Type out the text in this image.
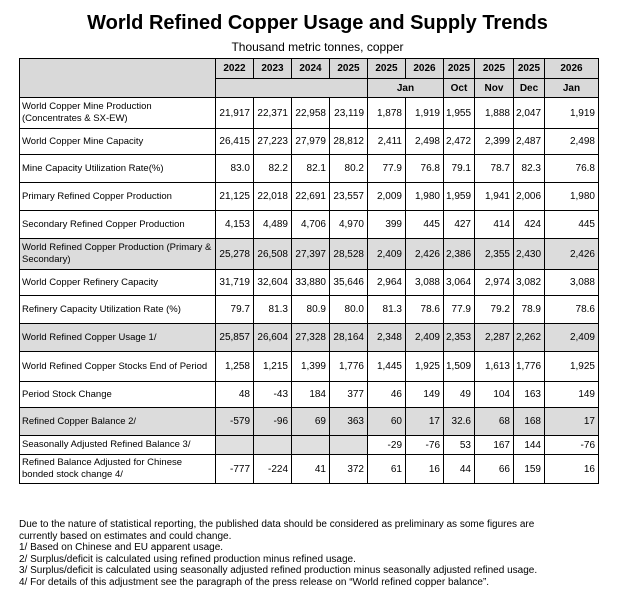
World Refined Copper Usage and Supply Trends
Thousand metric tonnes, copper
	2022	2023	2024	2025	2025	2026	2025	2025	2025	2026
					Jan		Oct	Nov	Dec	Jan
World Copper Mine Production (Concentrates & SX-EW)	21,917	22,371	22,958	23,119	1,878	1,919	1,955	1,888	2,047	1,919
World Copper Mine Capacity	26,415	27,223	27,979	28,812	2,411	2,498	2,472	2,399	2,487	2,498
Mine Capacity Utilization Rate(%)	83.0	82.2	82.1	80.2	77.9	76.8	79.1	78.7	82.3	76.8
Primary Refined Copper Production	21,125	22,018	22,691	23,557	2,009	1,980	1,959	1,941	2,006	1,980
Secondary Refined Copper Production	4,153	4,489	4,706	4,970	399	445	427	414	424	445
World Refined Copper Production (Primary & Secondary)	25,278	26,508	27,397	28,528	2,409	2,426	2,386	2,355	2,430	2,426
World Copper Refinery Capacity	31,719	32,604	33,880	35,646	2,964	3,088	3,064	2,974	3,082	3,088
Refinery Capacity Utilization Rate (%)	79.7	81.3	80.9	80.0	81.3	78.6	77.9	79.2	78.9	78.6
World Refined Copper Usage 1/	25,857	26,604	27,328	28,164	2,348	2,409	2,353	2,287	2,262	2,409
World Refined Copper Stocks End of Period	1,258	1,215	1,399	1,776	1,445	1,925	1,509	1,613	1,776	1,925
Period Stock Change	48	-43	184	377	46	149	49	104	163	149
Refined Copper Balance 2/	-579	-96	69	363	60	17	32.6	68	168	17
Seasonally Adjusted Refined Balance 3/					-29	-76	53	167	144	-76
Refined Balance Adjusted for Chinese bonded stock change 4/	-777	-224	41	372	61	16	44	66	159	16
Due to the nature of statistical reporting, the published data should be considered as preliminary as some figures are
currently based on estimates and could change.
1/ Based on Chinese and EU apparent usage.
2/ Surplus/deficit is calculated using refined production minus refined usage.
3/ Surplus/deficit is calculated using seasonally adjusted refined production minus seasonally adjusted refined usage.
4/ For details of this adjustment see the paragraph of the press release on “World refined copper balance”.
